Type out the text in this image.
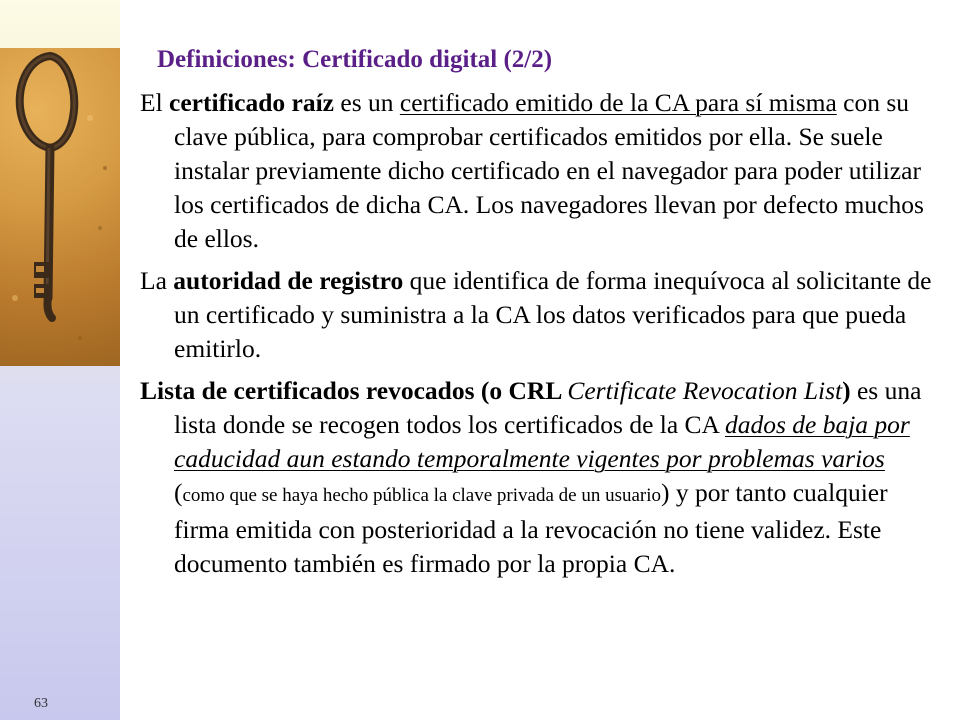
63
Definiciones: Certificado digital (2/2)

El certificado raíz es un certificado emitido de la CA para sí misma con su clave pública, para comprobar certificados emitidos por ella. Se suele instalar previamente dicho certificado en el navegador para poder utilizar los certificados de dicha CA. Los navegadores llevan por defecto muchos de ellos.

La autoridad de registro que identifica de forma inequívoca al solicitante de un certificado y suministra a la CA los datos verificados para que pueda emitirlo.

Lista de certificados revocados (o CRL Certificate Revocation List) es una lista donde se recogen todos los certificados de la CA dados de baja por caducidad aun estando temporalmente vigentes por problemas varios (como que se haya hecho pública la clave privada de un usuario) y por tanto cualquier firma emitida con posterioridad a la revocación no tiene validez. Este documento también es firmado por la propia CA.
